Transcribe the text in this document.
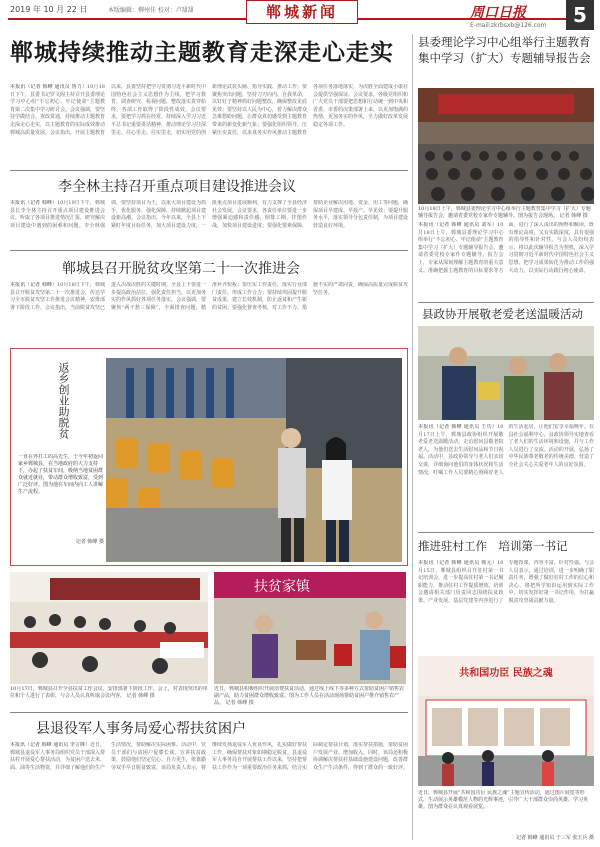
2019 年 10 月 22 日	本版编辑：柳州佳 校对：卢甜甜	郸城新闻	周口日报	5
E-mail:zkrbsxb@126.com
郸城持续推动主题教育走深走心走实
本报讯（记者 韩峰 通讯员 鲁力）10月18日下午，县委书记罗文阁主持召开县委理论学习中心组“不忘初心、牢记使命”主题教育第二次集中学习研讨会。会议强调，要坚持学做结合、查改贯通，持续推动主题教育走深走心走实，以主题教育的实际成效推动郸城高质量发展。会议指出，开展主题教育以来，县委坚持把学习贯彻习近平新时代中国特色社会主义思想作为主线，把学习教育、调查研究、检视问题、整改落实贯穿始终，各项工作取得了阶段性成效。会议要求，要把学习抓在经常，持续深入学习习近平总书记重要讲话精神，推动理论学习往深里走、往心里走、往实里走，切实用党的创新理论武装头脑、指导实践、推动工作；要聚焦突出问题，坚持刀刃向内、自我革命，以钉钉子精神抓好问题整改，确保整改见底见效；要坚持以人民为中心，着力解决群众急难愁盼问题，让群众真切感受到主题教育带来的新变化新气象；要强化组织领导，压紧压实责任，以求真务实作风推动主题教育各项任务落地落实，为决胜全面建成小康社会提供坚强保证。会议要求，各级党组织和广大党员干部要把思想和行动统一到中央和省委、市委的决策部署上来，以更加饱满的热情、更加务实的作风，全力做好改革发展稳定各项工作。
李全林主持召开重点项目建设推进会议
本报讯（记者 韩峰）10月19日下午，郸城县长李全林主持召开重点项目建设推进会议，听取了各项目推进情况汇报，研究解决项目建设中遇到的困难和问题。李全林强调，要坚持项目为王，以重大项目建设为抓手，优化服务、强化保障，持续掀起项目建设新高潮。会议指出，今年以来，全县上下紧盯年度目标任务，加大项目建设力度，一批重点项目进展顺利，有力支撑了全县经济社会发展。会议要求，各责任单位要进一步增强紧迫感和责任感，倒排工期、挂图作战，加快项目建设进度；要强化要素保障，帮助企业解决用地、资金、用工等问题，确保项目早建成、早投产、早见效；要提升服务水平，落实领导分包责任制，为项目建设营造良好环境。
郸城县召开脱贫攻坚第二十一次推进会
本报讯（记者 韩峰）10月18日下午，郸城县召开脱贫攻坚第二十一次推进会，传达学习全市脱贫攻坚工作推进会议精神，安排部署下阶段工作。会议指出，当前脱贫攻坚已进入决战决胜的关键时期，全县上下要进一步提高政治站位，强化责任担当，以更加务实的作风抓好各项任务落实。会议强调，要聚焦“两不愁三保障”，全面排查问题，精准补齐短板；要压实工作责任，落实行业部门责任，形成工作合力；要持续巩固提升脱贫成果，建立长效机制，防止返贫和产生新的贫困；要强化督查考核，对工作不力、措施不实的严肃问责，确保高质量完成脱贫攻坚任务。
返乡创业助脱贫
一直在外打工的高先生，于今年初返回家乡郸城县，在当地政府的大力支持下，办起了扶贫车间，吸纳当地贫困群众就近就业，带动群众增收致富，受到广泛好评。图为他在车间内向工人讲解生产流程。
记者 韩峰 摄
扶贫家镇
10月17日，郸城县召开全县扶贫工作会议，安排部署下阶段工作。会上，对表现突出的单位和个人进行了表彰，与会人员认真听取会议内容。 记者 韩峰 摄
近日，郸城县积极组织开展消费扶贫活动，通过线上线下等多种方式帮助贫困户销售农副产品，助力贫困群众增收致富。图为工作人员在活动现场帮助贫困户推介销售农产品。 记者 韩峰 摄
县退役军人事务局爱心帮扶贫困户
本报讯（记者 韩峰 通讯员 李言锋）近日，郸城县退役军人事务局组织党员干部深入帮扶村开展爱心帮扶活动，为贫困户送去米、面、油等生活物资，并详细了解他们的生产生活情况，帮助解决实际困难。活动中，党员干部们与贫困户促膝长谈，宣讲扶贫政策，鼓励他们坚定信心、自力更生，依靠勤劳双手早日脱贫致富。该局负责人表示，将继续发扬退役军人优良作风，扎实做好帮扶工作，确保帮扶对象如期稳定脱贫。县退役军人事务局自开展帮扶工作以来，坚持把帮扶工作作为一项重要政治任务来抓，结合实际制定帮扶计划，落实帮扶措施，帮助贫困户发展产业、增加收入。同时，该局还积极协调解决帮扶村基础设施建设问题，改善群众生产生活条件，得到了群众的一致好评。
县委理论学习中心组举行主题教育集中学习（扩大）专题辅导报告会
10月18日上午，郸城县委理论学习中心组举行主题教育集中学习（扩大）专题辅导报告会，邀请省委党校专家作专题辅导。图为报告会现场。 记者 韩峰 摄
本报讯（记者 韩峰 通讯员 刘军）10月18日上午，郸城县委理论学习中心组举行“不忘初心、牢记使命”主题教育集中学习（扩大）专题辅导报告会，邀请省委党校专家作专题辅导。报告会上，专家从深刻理解主题教育的重大意义、准确把握主题教育的目标要求等方面，进行了深入浅出的阐释和解读，既有理论高度，又有实践深度，具有很强的指导性和针对性。与会人员纷纷表示，将以此次辅导报告为契机，深入学习贯彻习近平新时代中国特色社会主义思想，把学习成果转化为推动工作的强大动力，以实际行动践行初心使命。
县政协开展敬老爱老送温暖活动
本报讯（记者 韩峰 通讯员 王功）10月17日上午，郸城县政协组织开展敬老爱老送温暖活动，走访慰问县敬老院老人，为他们送去生活慰问品和节日祝福。活动中，县政协领导与老人们亲切交谈，详细询问他们的身体状况和生活情况，叮嘱工作人员要精心照顾好老人的生活起居，让他们安享幸福晚年。在县社会福利中心，县政协领导实地查看了老人们的生活环境和设施，并与工作人员进行了交流。活动的开展，弘扬了中华民族尊老敬老的传统美德，营造了全社会关心关爱老年人的良好氛围。
推进驻村工作　培训第一书记
本报讯（记者 韩峰 通讯员 韩元）10月15日，郸城县组织召开驻村第一书记培训会，进一步提高驻村第一书记履职能力，推动驻村工作提质增效。培训会邀请相关部门负责同志围绕扶贫政策、产业发展、基层党建等内容进行了专题授课，内容丰富、针对性强。与会人员表示，通过培训，进一步明确了职责任务，增强了做好驻村工作的信心和决心，将把所学知识运用到实际工作中，切实发挥好第一书记作用，为打赢脱贫攻坚战贡献力量。
共和国功臣 民族之魂
近日，郸城县开展“共和国功臣 民族之魂”主题宣传活动，通过图片展览等形式，生动展示英雄模范人物的光辉事迹，引导广大干部群众崇尚英雄、学习英雄。图为群众在认真观看展览。
记者 韩峰 通讯员 于三军 张玉兵 摄
